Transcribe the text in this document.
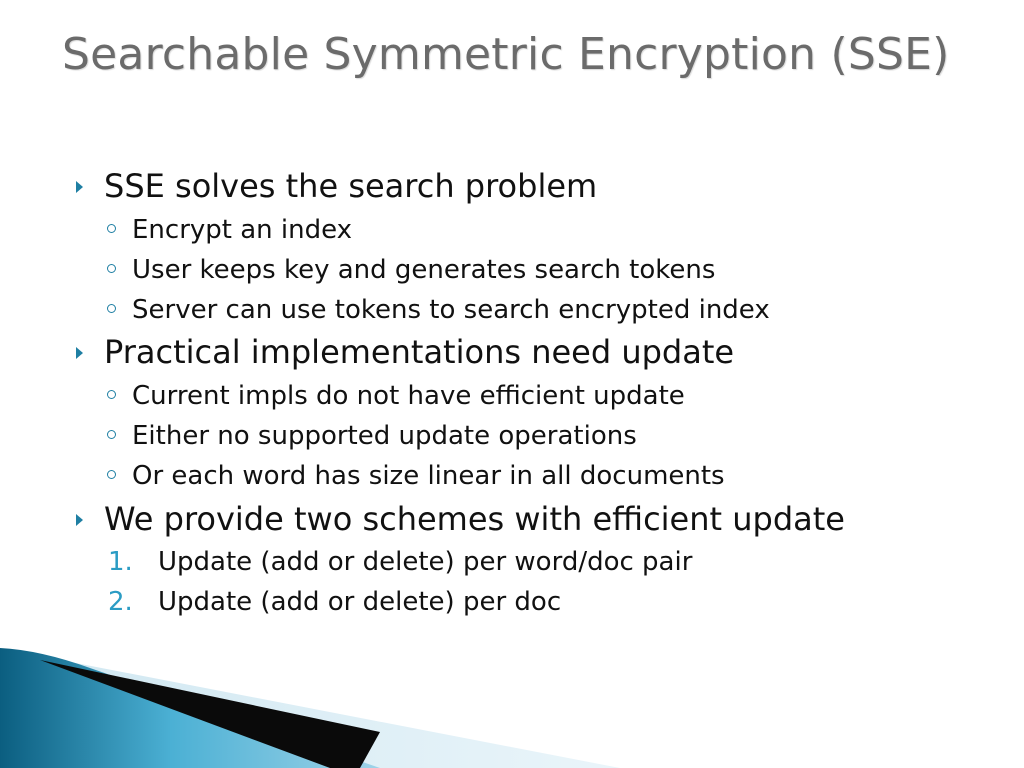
Searchable Symmetric Encryption (SSE)
SSE solves the search problem
Encrypt an index
User keeps key and generates search tokens
Server can use tokens to search encrypted index
Practical implementations need update
Current impls do not have efficient update
Either no supported update operations
Or each word has size linear in all documents
We provide two schemes with efficient update
1. Update (add or delete) per word/doc pair
2. Update (add or delete) per doc
